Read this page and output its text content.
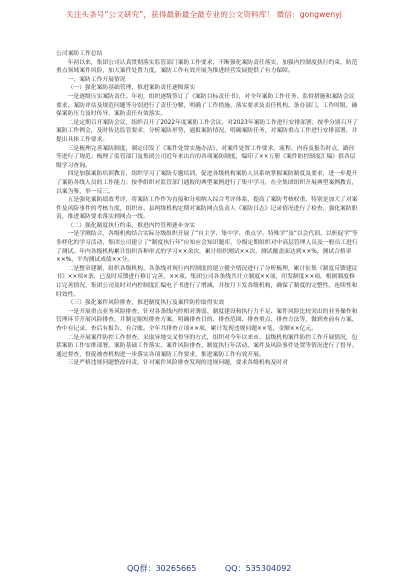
关注头条号“公文研究”，获得最新最全最专业的公文资料库！ 微信：gongwenyj

公司案防工作总结

年初以来，集团公司认真贯彻落实监管部门案防工作要求，不断强化案防责任落实，加强内控制度执行约束，防范重点领域案件风险，加大案件处置力度，案防工作有效开展为推进经营发展提供了有力保障。

一、案防工作开展情况

（一）强化案防基础管理，推进案防责任逐级落实

一是逐级压实案防责任。年初，组织逐级签订了《案防目标责任书》，对全年案防工作任务、监督措施和案防会议要求、案防评估及规范问题等分别进行了责任分解，明确了工作措施、落实要求及责任机构、条办部门、工作时限，确保案防压力及时传导，案防责任有效落实。

二是定期召开案防会议，组织召开了2022年度案防工作会议，对2023年案防工作进行安排部署；按季分别召开了案防工作例会，及时传达监管要求，分析案防形势，通报案防情况，明确案防任务，对案防重点工作进行安排部署，并提出具体工作要求。

三是梳理完善案防制度，制定印发了《案件处置实施办法》，对案件处置工作要求、流程、内容及报告时点、路径等进行了规范；梳理了监管部门及集团公司近年来出台的各项案防制度，编印了××万册《案件防控制度汇编》供各层级学习查询。

四是加强案防培训教育，组织学习了案防专题培训，促进各级机构案防人员系统掌握案防制度及要求，进一步提升了案防各线人员的工作能力；按季组织对监管部门通报的典型案例进行了集中学习，在全集团组织开展典型案例教育，以案为鉴，举一反三。

五是强化案防绩效考评，将案防工作作为直接和分项纳入综合考评体系，提高了案防考核权重，特别是加大了对案件及风险事件的考核力度，组织市、县两级机构定期对案防网点负责人《案防日志》记录情况进行了检查，强化案防职责，推进案防要求落实到网点一线。

（二）强化制度执行约束，推进内控管理逐步夯实

一是学测结合，各级机构结合实际分级组织开展了“自主学、集中学、重点学、特殊学”及“以会代训、以析促学”等多样化的学习活动，集团公司建立了“制度执行年”应知应会知识题库，分级定期组织对中高层管理人员及一般员工进行了测试。年内各级机构累计组织各种形式的学习××余次，累计组织测试××次，测试覆盖面达到××%，测试合格率××%，平均测试成绩××分。

二是整章建制，组织各级机构、各条线对现行内控制度的建立健全情况进行了分析梳理，累计征集《制度反馈建议书》××项×条，已及时反馈进行修订完善，××项。集团公司各条线共计立制度××项，印发制度××项，根据制度修订完善情况，集团公司及时对内控制度汇编电子书进行了增减，并按月下发各级机构，确保了制度的完整性、连续性和时效性。

（三）强化案件风险排查，推进制度执行及案件防控取得实效

一是开展重点业务风险排查，针对各条线内控相对薄弱、制度建设和执行力不足、案件风险比较突出的业务操作和管理环节开展风险排查，并制定缩短排查方案，明确排查目的、排查范围、排查重点、排查方法等，做到查前有方案、查中有记录、查后有报告、有合账。全年共排查立项××项，累计发现违规问题××笔、金额××亿元。

二是开展案件防控工作督查。采取异地交叉督导的方式，组织对今年以来市、县级机构案件防控工作开展情况，包括案防工作安排部署、案防基础工作落实、案件风险排查、制度执行年活动、案件及风险事件处置等情况进行了督导。通过督查，督促被查机构进一步落实各项案防工作要求，推进案防工作有效开展。

三是严格违规问题整改问责。针对案件风险排查发现的违规问题，要求各级机构及时对

QQ群：30265665	QQ：535304092
